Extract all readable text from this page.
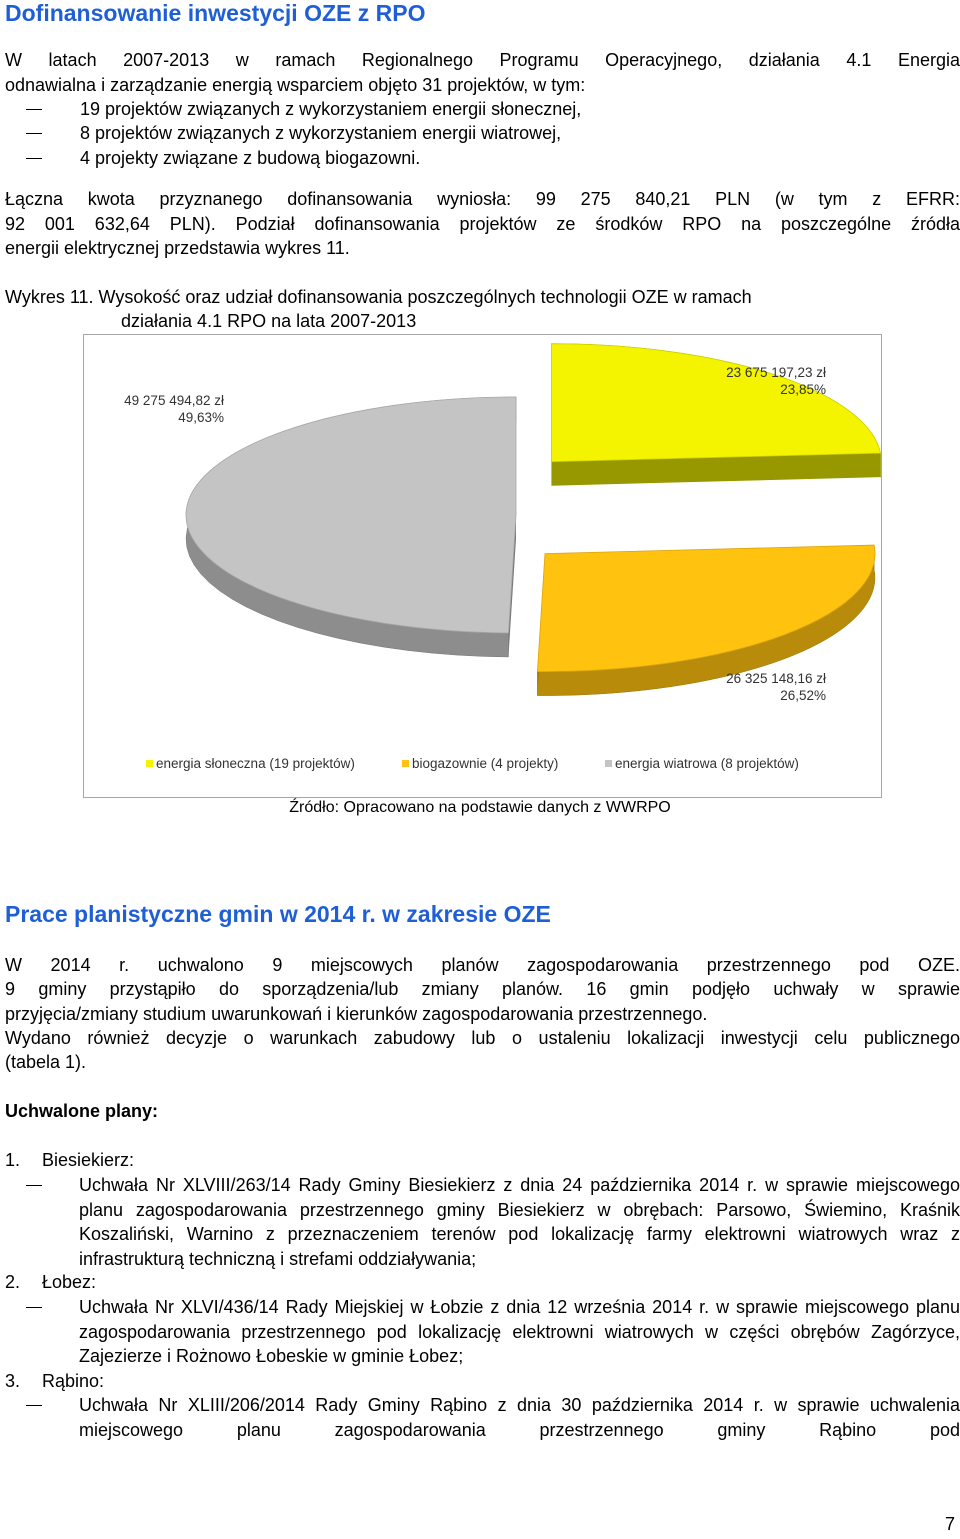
Dofinansowanie inwestycji OZE z RPO

W latach 2007-2013 w ramach Regionalnego Programu Operacyjnego, działania 4.1 Energia

odnawialna i zarządzanie energią wsparciem objęto 31 projektów, w tym:

19 projektów związanych z wykorzystaniem energii słonecznej,
8 projektów związanych z wykorzystaniem energii wiatrowej,
4 projekty związane z budową biogazowni.

Łączna kwota przyznanego dofinansowania wyniosła: 99 275 840,21 PLN (w tym z EFRR:

92 001 632,64 PLN). Podział dofinansowania projektów ze środków RPO na poszczególne źródła

energii elektrycznej przedstawia wykres 11.

Wykres 11. Wysokość oraz udział dofinansowania poszczególnych technologii OZE w ramach

działania 4.1 RPO na lata 2007-2013

23 675 197,23 zł
23,85%
26 325 148,16 zł
26,52%
49 275 494,82 zł
49,63%
energia słoneczna (19 projektów)	biogazownie (4 projekty)	energia wiatrowa (8 projektów)

Źródło: Opracowano na podstawie danych z WWRPO

Prace planistyczne gmin w 2014 r. w zakresie OZE

W 2014 r. uchwalono 9 miejscowych planów zagospodarowania przestrzennego pod OZE.

9 gminy przystąpiło do sporządzenia/lub zmiany planów. 16 gmin podjęło uchwały w sprawie

przyjęcia/zmiany studium uwarunkowań i kierunków zagospodarowania przestrzennego.

Wydano również decyzje o warunkach zabudowy lub o ustaleniu lokalizacji inwestycji celu publicznego

(tabela 1).

Uchwalone plany:

1. Biesiekierz:

Uchwała Nr XLVIII/263/14 Rady Gminy Biesiekierz z dnia 24 października 2014 r. w sprawie miejscowego planu zagospodarowania przestrzennego gminy Biesiekierz w obrębach: Parsowo, Świemino, Kraśnik Koszaliński, Warnino z przeznaczeniem terenów pod lokalizację farmy elektrowni wiatrowych wraz z infrastrukturą techniczną i strefami oddziaływania;

2. Łobez:

Uchwała Nr XLVI/436/14 Rady Miejskiej w Łobzie z dnia 12 września 2014 r. w sprawie miejscowego planu zagospodarowania przestrzennego pod lokalizację elektrowni wiatrowych w części obrębów Zagórzyce, Zajezierze i Rożnowo Łobeskie w gminie Łobez;

3. Rąbino:

Uchwała Nr XLIII/206/2014 Rady Gminy Rąbino z dnia 30 października 2014 r. w sprawie uchwalenia miejscowego planu zagospodarowania przestrzennego gminy Rąbino pod

7
